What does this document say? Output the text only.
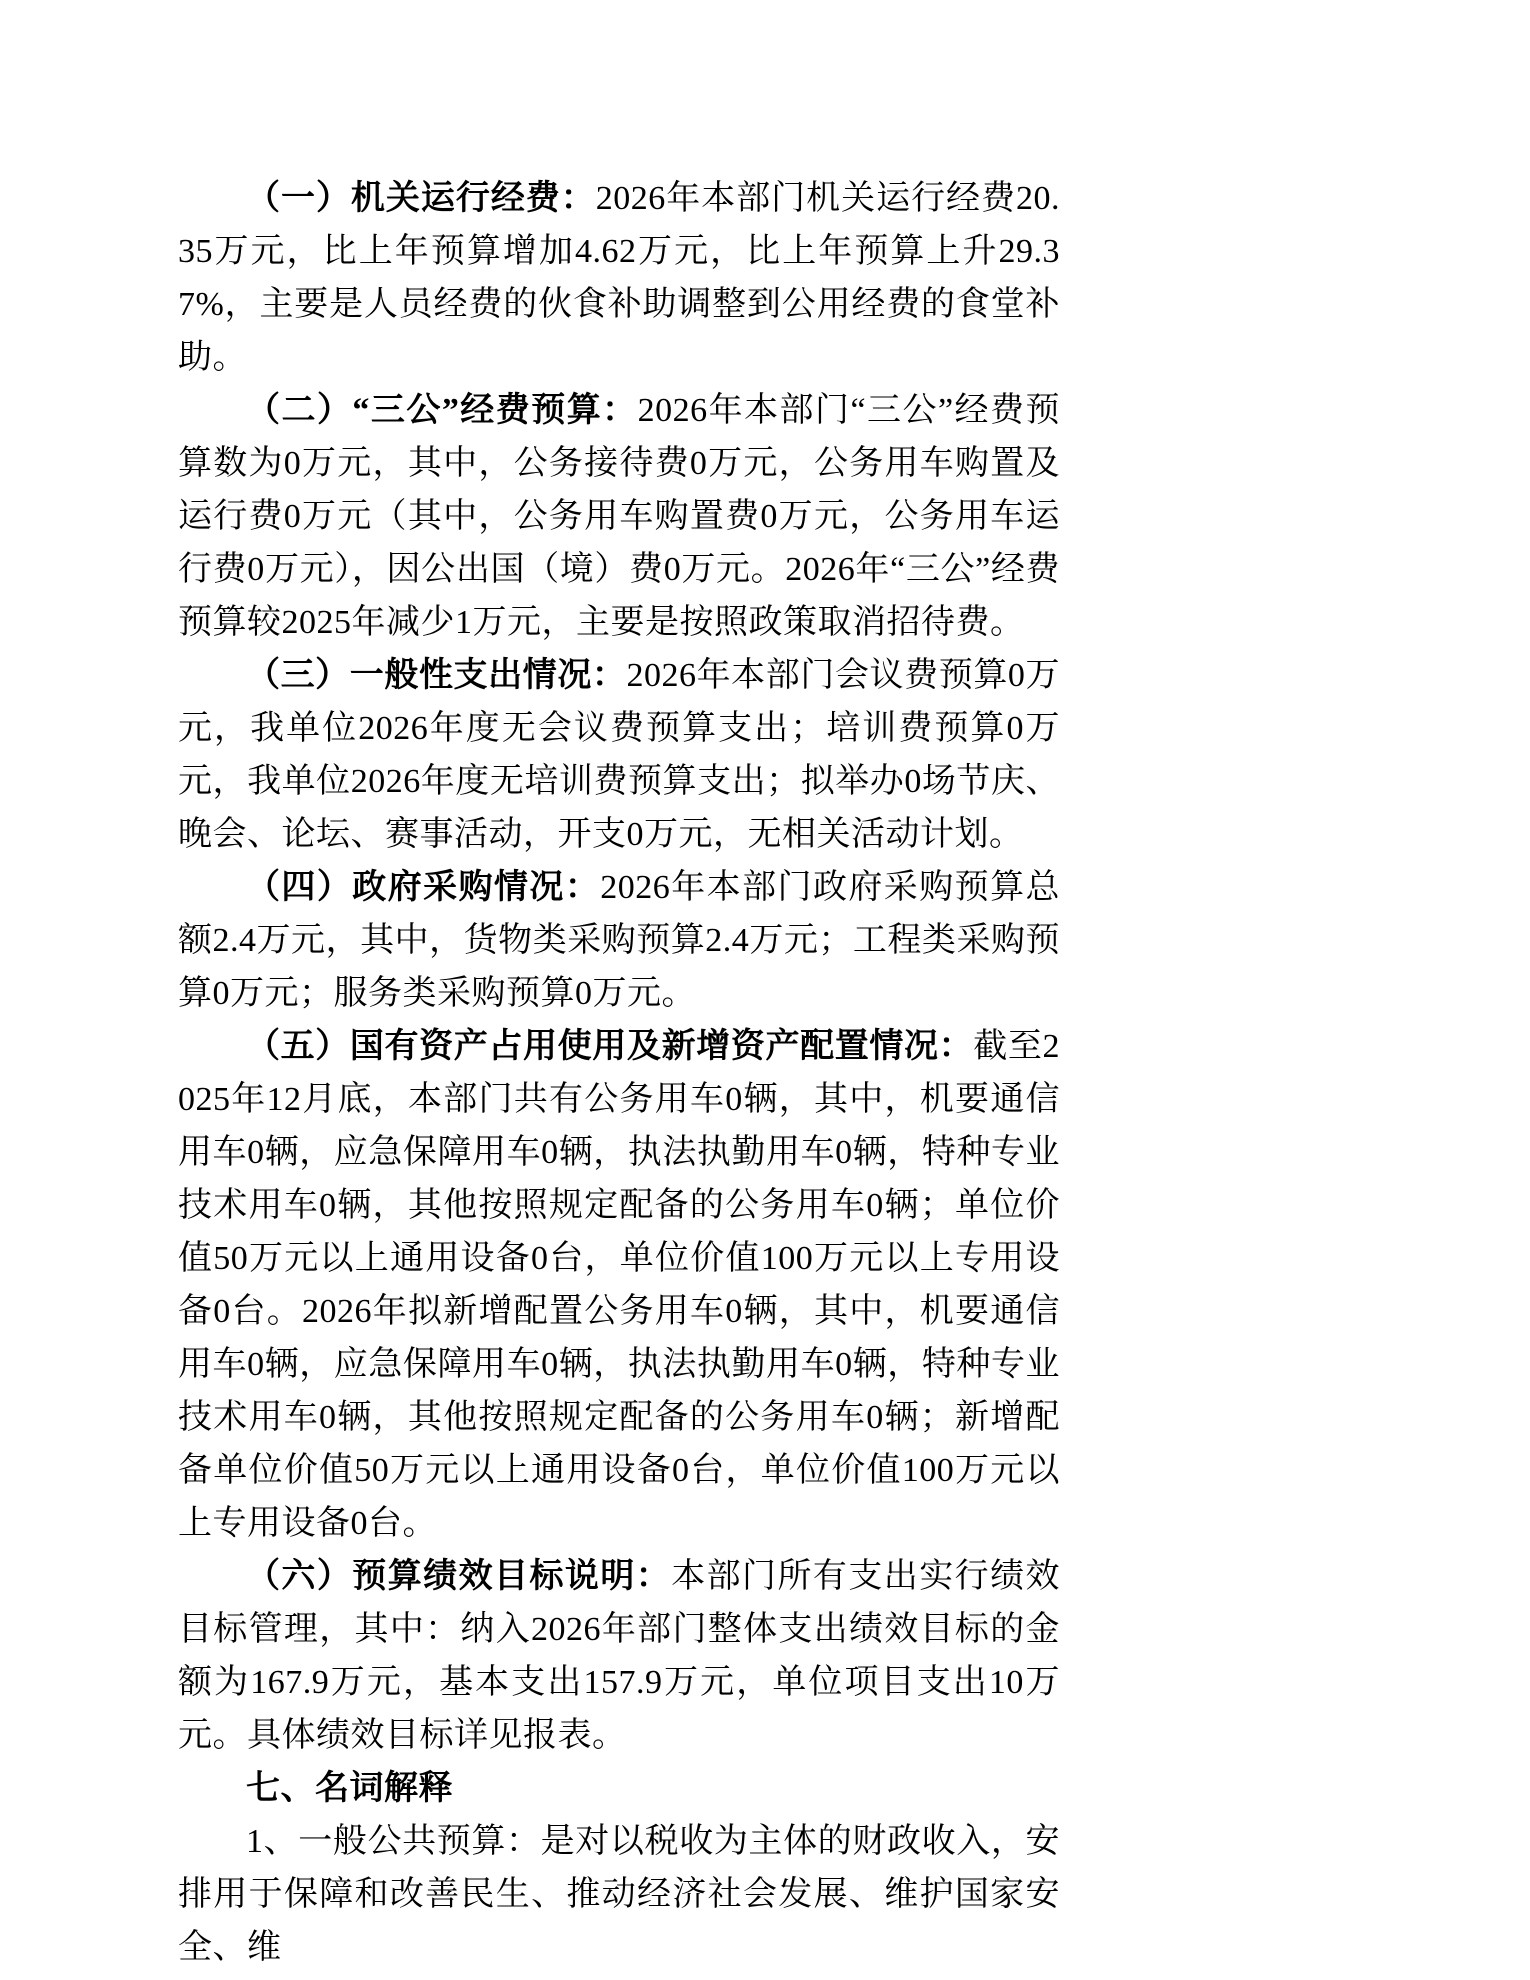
（一）机关运行经费：2026年本部门机关运行经费20.35万元，比上年预算增加4.62万元，比上年预算上升29.37%，主要是人员经费的伙食补助调整到公用经费的食堂补助。

（二）“三公”经费预算：2026年本部门“三公”经费预算数为0万元，其中，公务接待费0万元，公务用车购置及运行费0万元（其中，公务用车购置费0万元，公务用车运行费0万元），因公出国（境）费0万元。2026年“三公”经费预算较2025年减少1万元，主要是按照政策取消招待费。

（三）一般性支出情况：2026年本部门会议费预算0万元，我单位2026年度无会议费预算支出；培训费预算0万元，我单位2026年度无培训费预算支出；拟举办0场节庆、晚会、论坛、赛事活动，开支0万元，无相关活动计划。

（四）政府采购情况：2026年本部门政府采购预算总额2.4万元，其中，货物类采购预算2.4万元；工程类采购预算0万元；服务类采购预算0万元。

（五）国有资产占用使用及新增资产配置情况：截至2025年12月底，本部门共有公务用车0辆，其中，机要通信用车0辆，应急保障用车0辆，执法执勤用车0辆，特种专业技术用车0辆，其他按照规定配备的公务用车0辆；单位价值50万元以上通用设备0台，单位价值100万元以上专用设备0台。2026年拟新增配置公务用车0辆，其中，机要通信用车0辆，应急保障用车0辆，执法执勤用车0辆，特种专业技术用车0辆，其他按照规定配备的公务用车0辆；新增配备单位价值50万元以上通用设备0台，单位价值100万元以上专用设备0台。

（六）预算绩效目标说明：本部门所有支出实行绩效目标管理，其中：纳入2026年部门整体支出绩效目标的金额为167.9万元，基本支出157.9万元，单位项目支出10万元。具体绩效目标详见报表。

七、名词解释

1、一般公共预算：是对以税收为主体的财政收入，安排用于保障和改善民生、推动经济社会发展、维护国家安全、维
